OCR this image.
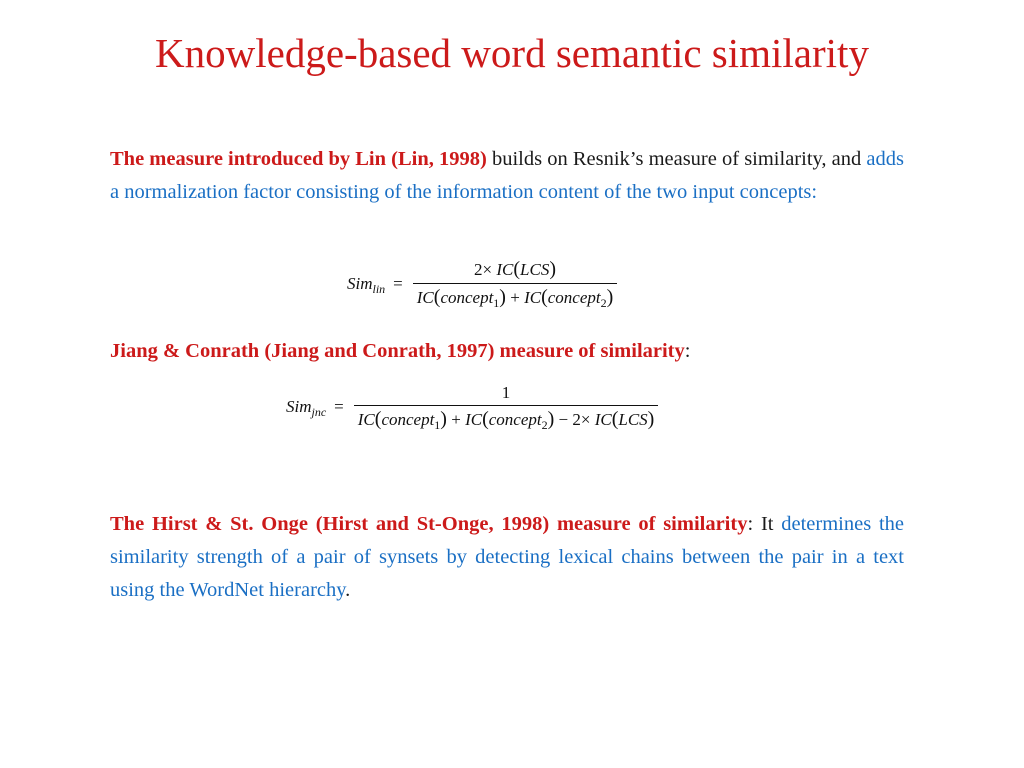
Knowledge-based word semantic similarity
The measure introduced by Lin (Lin, 1998) builds on Resnik’s measure of similarity, and adds a normalization factor consisting of the information content of the two input concepts:
Sim lin = $\frac{\text{2× IC(LCS)}}{IC(concept_1) + IC(concept_2)}$
Jiang & Conrath (Jiang and Conrath, 1997) measure of similarity:
Sim jnc =
1
IC(concept$_1$) + IC(concept$_2$) − 2× IC(LCS)
The Hirst & St. Onge (Hirst and St-Onge, 1998) measure of similarity: It determines the similarity strength of a pair of synsets by detecting lexical chains between the pair in a text using the WordNet hierarchy.
